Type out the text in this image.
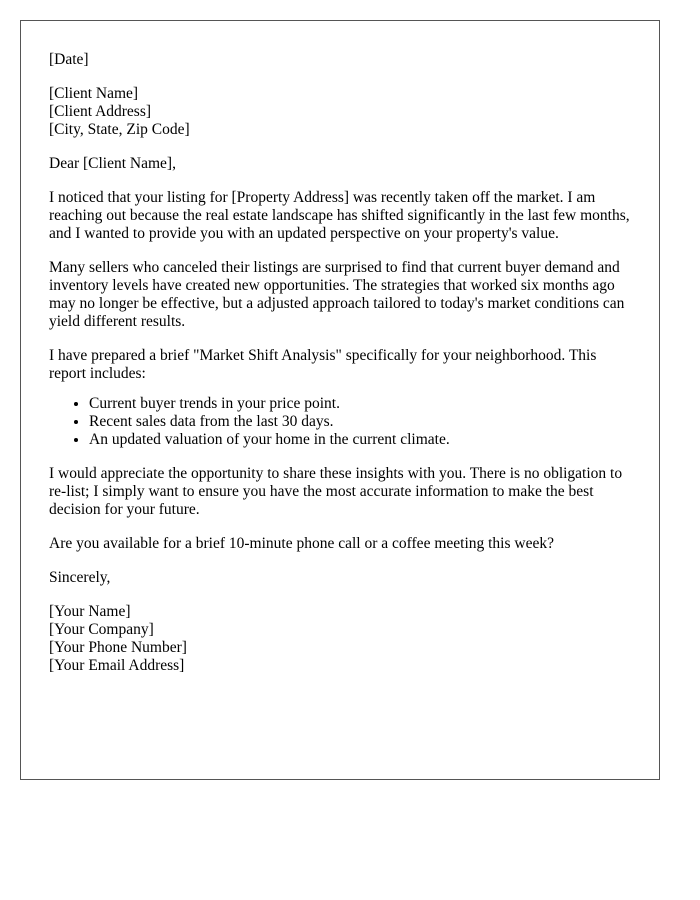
[Date]

[Client Name]
[Client Address]
[City, State, Zip Code]

Dear [Client Name],

I noticed that your listing for [Property Address] was recently taken off the market. I am reaching out because the real estate landscape has shifted significantly in the last few months, and I wanted to provide you with an updated perspective on your property's value.

Many sellers who canceled their listings are surprised to find that current buyer demand and inventory levels have created new opportunities. The strategies that worked six months ago may no longer be effective, but a adjusted approach tailored to today's market conditions can yield different results.

I have prepared a brief "Market Shift Analysis" specifically for your neighborhood. This report includes:

• Current buyer trends in your price point.
• Recent sales data from the last 30 days.
• An updated valuation of your home in the current climate.

I would appreciate the opportunity to share these insights with you. There is no obligation to re-list; I simply want to ensure you have the most accurate information to make the best decision for your future.

Are you available for a brief 10-minute phone call or a coffee meeting this week?

Sincerely,

[Your Name]
[Your Company]
[Your Phone Number]
[Your Email Address]
